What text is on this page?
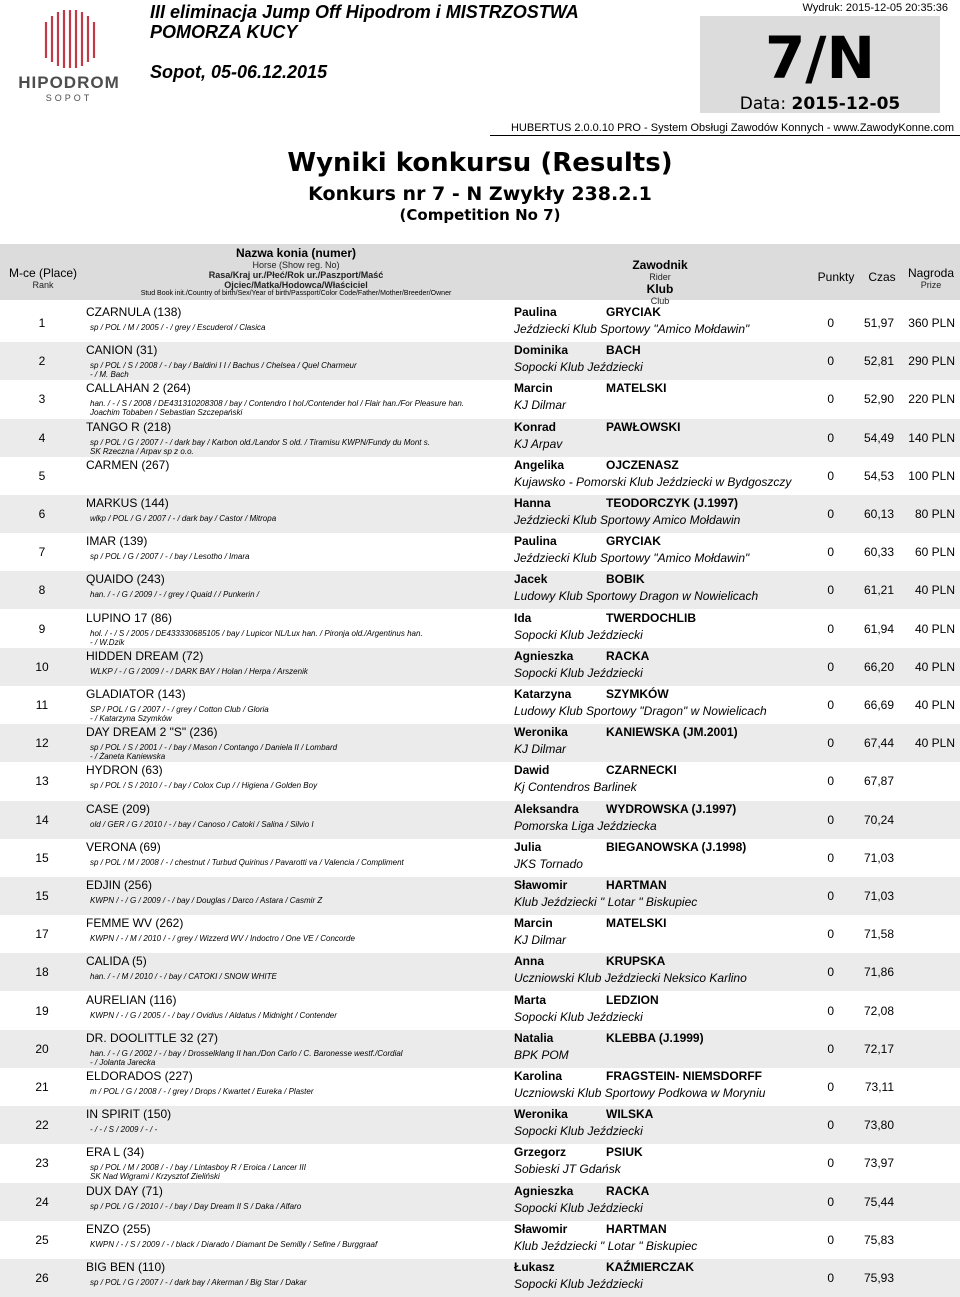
HIPODROM
SOPOT
III eliminacja Jump Off Hipodrom i MISTRZOSTWA POMORZA KUCY
Sopot, 05-06.12.2015
Wydruk: 2015-12-05 20:35:36
7/N
Data: 2015-12-05
HUBERTUS 2.0.0.10 PRO - System Obsługi Zawodów Konnych - www.ZawodyKonne.com
Wyniki konkursu (Results)
Konkurs nr 7 - N Zwykły 238.2.1
(Competition No 7)
M-ce (Place)
Rank
Nazwa konia (numer)
Horse (Show reg. No)
Rasa/Kraj ur./Płeć/Rok ur./Paszport/Maść
Ojciec/Matka/Hodowca/Właściciel
Stud Book init./Country of birth/Sex/Year of birth/Passport/Color Code/Father/Mother/Breeder/Owner
Zawodnik
Rider
Klub
Club
Punkty	Czas	Nagroda
Prize
1
CZARNULA (138)
sp / POL / M / 2005 / - / grey / Escuderol / Clasica
Paulina	GRYCIAK
Jeździecki Klub Sportowy "Amico Mołdawin"	0	51,97	360 PLN
2
CANION (31)
sp / POL / S / 2008 / - / bay / Baldini I I / Bachus / Chelsea / Quel Charmeur
- / M. Bach
Dominika	BACH
Sopocki Klub Jeździecki	0	52,81	290 PLN
3
CALLAHAN 2 (264)
han. / - / S / 2008 / DE431310208308 / bay / Contendro I hol./Contender hol / Flair han./For Pleasure han.
Joachim Tobaben / Sebastian Szczepański
Marcin	MATELSKI
KJ Dilmar	0	52,90	220 PLN
4
TANGO R (218)
sp / POL / G / 2007 / - / dark bay / Karbon old./Landor S old. / Tiramisu KWPN/Fundy du Mont s.
SK Rzeczna / Arpav sp z o.o.
Konrad	PAWŁOWSKI
KJ Arpav	0	54,49	140 PLN
5
CARMEN (267)	Angelika	OJCZENASZ
Kujawsko - Pomorski Klub Jeździecki w Bydgoszczy	0	54,53	100 PLN
6
MARKUS (144)
wlkp / POL / G / 2007 / - / dark bay / Castor / Mitropa
Hanna	TEODORCZYK (J.1997)
Jeździecki Klub Sportowy Amico Mołdawin	0	60,13	80 PLN
7
IMAR (139)
sp / POL / G / 2007 / - / bay / Lesotho / Imara
Paulina	GRYCIAK
Jeździecki Klub Sportowy "Amico Mołdawin"	0	60,33	60 PLN
8
QUAIDO (243)
han. / - / G / 2009 / - / grey / Quaid / / Punkerin /
Jacek	BOBIK
Ludowy Klub Sportowy Dragon w Nowielicach	0	61,21	40 PLN
9
LUPINO 17 (86)
hol. / - / S / 2005 / DE433330685105 / bay / Lupicor NL/Lux han. / Pironja old./Argentinus han.
- / W.Dzik
Ida	TWERDOCHLIB
Sopocki Klub Jeździecki	0	61,94	40 PLN
10
HIDDEN DREAM (72)
WLKP / - / G / 2009 / - / DARK BAY / Holan / Herpa / Arszenik
Agnieszka	RACKA
Sopocki Klub Jeździecki	0	66,20	40 PLN
11
GLADIATOR (143)
SP / POL / G / 2007 / - / grey / Cotton Club / Gloria
- / Katarzyna Szymków
Katarzyna	SZYMKÓW
Ludowy Klub Sportowy "Dragon" w Nowielicach	0	66,69	40 PLN
12
DAY DREAM 2 "S" (236)
sp / POL / S / 2001 / - / bay / Mason / Contango / Daniela II / Lombard
- / Żaneta Kaniewska
Weronika	KANIEWSKA (JM.2001)
KJ Dilmar	0	67,44	40 PLN
13
HYDRON (63)
sp / POL / S / 2010 / - / bay / Colox Cup / / Higiena / Golden Boy
Dawid	CZARNECKI
Kj Contendros Barlinek	0	67,87
14
CASE (209)
old / GER / G / 2010 / - / bay / Canoso / Catoki / Salina / Silvio I
Aleksandra WYDROWSKA (J.1997)
Pomorska Liga Jeździecka	0	70,24
15
VERONA (69)
sp / POL / M / 2008 / - / chestnut / Turbud Quirinus / Pavarotti va / Valencia / Compliment
Julia	BIEGANOWSKA (J.1998)
JKS Tornado	0	71,03
15
EDJIN (256)
KWPN / - / G / 2009 / - / bay / Douglas / Darco / Astara / Casmir Z
Sławomir	HARTMAN
Klub Jeździecki " Lotar " Biskupiec	0	71,03
17
FEMME WV (262)
KWPN / - / M / 2010 / - / grey / Wizzerd WV / Indoctro / One VE / Concorde
Marcin	MATELSKI
KJ Dilmar	0	71,58
18
CALIDA (5)
han. / - / M / 2010 / - / bay / CATOKI / SNOW WHITE
Anna	KRUPSKA
Uczniowski Klub Jeździecki Neksico Karlino	0	71,86
19
AURELIAN (116)
KWPN / - / G / 2005 / - / bay / Ovidius / Aldatus / Midnight / Contender
Marta	LEDZION
Sopocki Klub Jeździecki	0	72,08
20
DR. DOOLITTLE 32 (27)
han. / - / G / 2002 / - / bay / Drosselklang II han./Don Carlo / C. Baronesse westf./Cordial
- / Jolanta Jarecka
Natalia	KLEBBA (J.1999)
BPK POM	0	72,17
21
ELDORADOS (227)
m / POL / G / 2008 / - / grey / Drops / Kwartet / Eureka / Plaster
Karolina	FRAGSTEIN- NIEMSDORFF
Uczniowski Klub Sportowy Podkowa w Moryniu	0	73,11
22
IN SPIRIT (150)
- / - / S / 2009 / - / -
Weronika	WILSKA
Sopocki Klub Jeździecki	0	73,80
23
ERA L (34)
sp / POL / M / 2008 / - / bay / Lintasboy R / Eroica / Lancer III
SK Nad Wigrami / Krzysztof Zieliński
Grzegorz	PSIUK
Sobieski JT Gdańsk	0	73,97
24
DUX DAY (71)
sp / POL / G / 2010 / - / bay / Day Dream II S / Daka / Alfaro
Agnieszka	RACKA
Sopocki Klub Jeździecki	0	75,44
25
ENZO (255)
KWPN / - / S / 2009 / - / black / Diarado / Diamant De Semilly / Sefine / Burggraaf
Sławomir	HARTMAN
Klub Jeździecki " Lotar " Biskupiec	0	75,83
26
BIG BEN (110)
sp / POL / G / 2007 / - / dark bay / Akerman / Big Star / Dakar
Łukasz	KAŹMIERCZAK
Sopocki Klub Jeździecki	0	75,93
